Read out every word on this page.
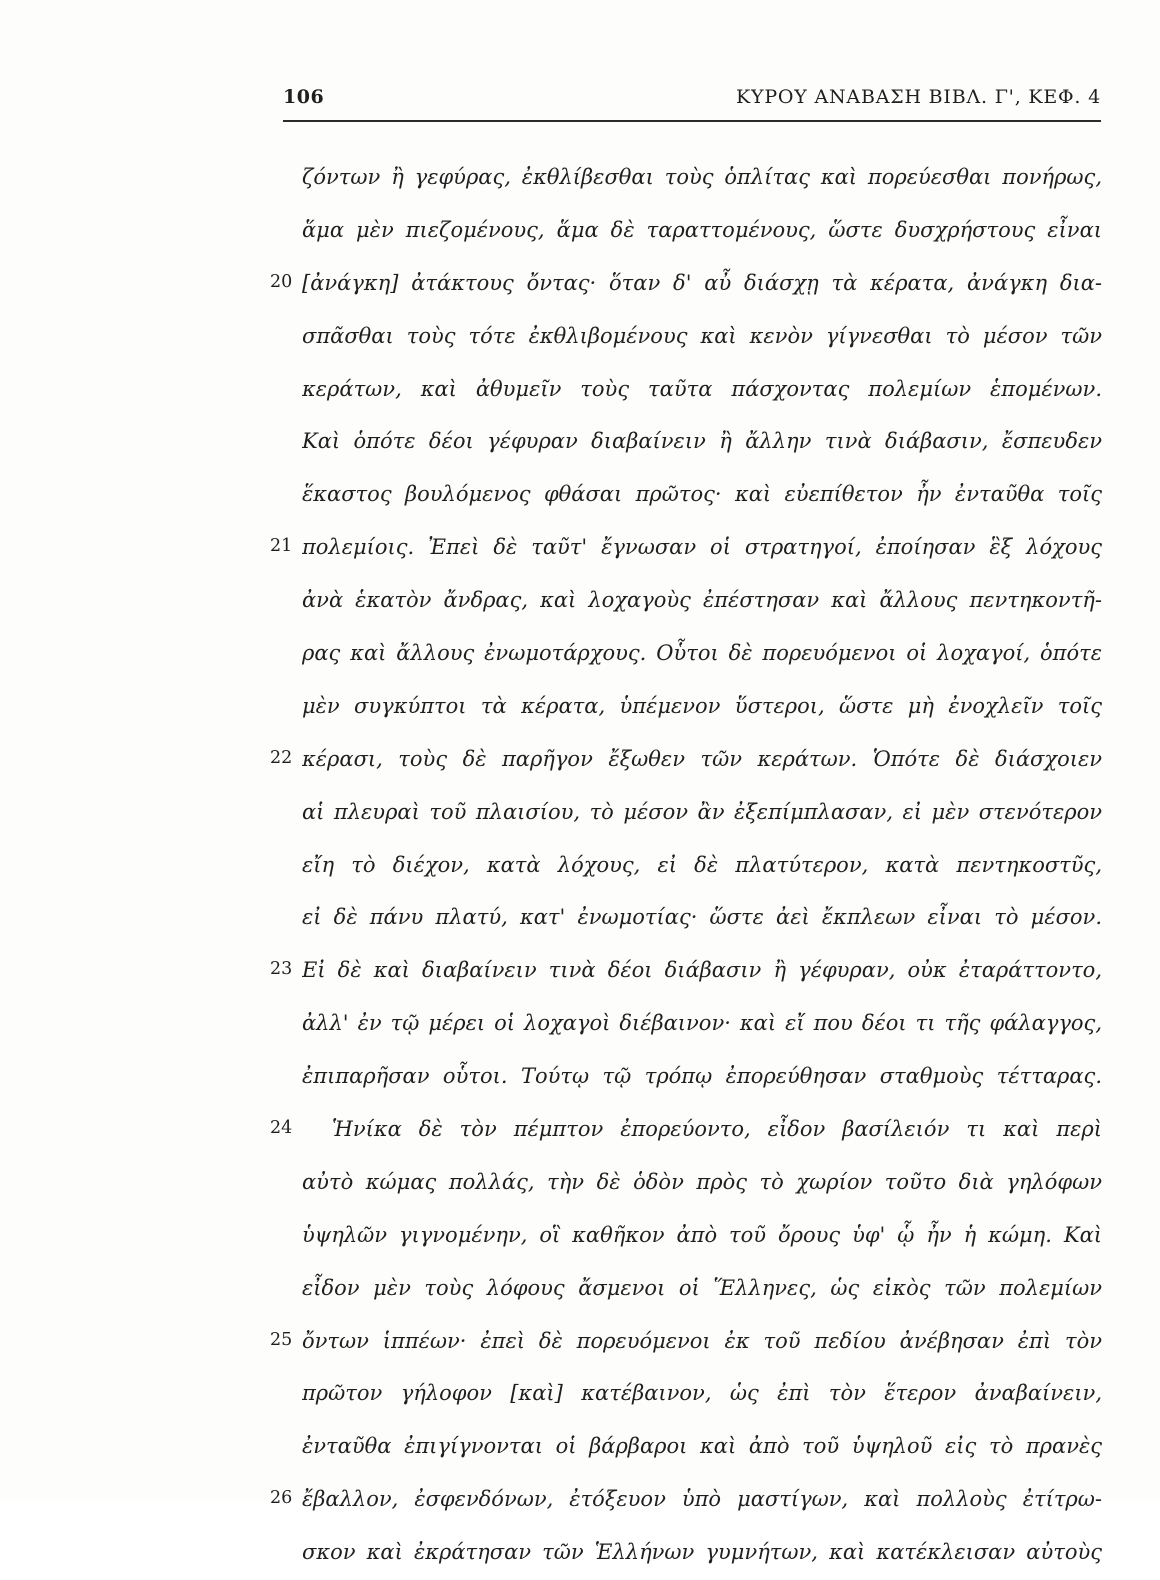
106	ΚΥΡΟΥ ΑΝΑΒΑΣΗ ΒΙΒΛ. Γ', ΚΕΦ. 4
ζόντων ἢ γεφύρας, ἐκθλίβεσθαι τοὺς ὁπλίτας καὶ πορεύεσθαι πονήρως,
ἅμα μὲν πιεζομένους, ἅμα δὲ ταραττομένους, ὥστε δυσχρήστους εἶναι
20 [ἀνάγκη] ἀτάκτους ὄντας· ὅταν δ' αὖ διάσχῃ τὰ κέρατα, ἀνάγκη δια-
σπᾶσθαι τοὺς τότε ἐκθλιβομένους καὶ κενὸν γίγνεσθαι τὸ μέσον τῶν
κεράτων, καὶ ἀθυμεῖν τοὺς ταῦτα πάσχοντας πολεμίων ἑπομένων.
Καὶ ὁπότε δέοι γέφυραν διαβαίνειν ἢ ἄλλην τινὰ διάβασιν, ἔσπευδεν
ἕκαστος βουλόμενος φθάσαι πρῶτος· καὶ εὐεπίθετον ἦν ἐνταῦθα τοῖς
21 πολεμίοις. Ἐπεὶ δὲ ταῦτ' ἔγνωσαν οἱ στρατηγοί, ἐποίησαν ἓξ λόχους
ἀνὰ ἑκατὸν ἄνδρας, καὶ λοχαγοὺς ἐπέστησαν καὶ ἄλλους πεντηκοντῆ-
ρας καὶ ἄλλους ἐνωμοτάρχους. Οὗτοι δὲ πορευόμενοι οἱ λοχαγοί, ὁπότε
μὲν συγκύπτοι τὰ κέρατα, ὑπέμενον ὕστεροι, ὥστε μὴ ἐνοχλεῖν τοῖς
22 κέρασι, τοὺς δὲ παρῆγον ἔξωθεν τῶν κεράτων. Ὁπότε δὲ διάσχοιεν
αἱ πλευραὶ τοῦ πλαισίου, τὸ μέσον ἂν ἐξεπίμπλασαν, εἰ μὲν στενότερον
εἴη τὸ διέχον, κατὰ λόχους, εἰ δὲ πλατύτερον, κατὰ πεντηκοστῦς,
εἰ δὲ πάνυ πλατύ, κατ' ἐνωμοτίας· ὥστε ἀεὶ ἔκπλεων εἶναι τὸ μέσον.
23 Εἰ δὲ καὶ διαβαίνειν τινὰ δέοι διάβασιν ἢ γέφυραν, οὐκ ἐταράττοντο,
ἀλλ' ἐν τῷ μέρει οἱ λοχαγοὶ διέβαινον· καὶ εἴ που δέοι τι τῆς φάλαγγος,
ἐπιπαρῆσαν οὗτοι. Τούτῳ τῷ τρόπῳ ἐπορεύθησαν σταθμοὺς τέτταρας.
24 Ἡνίκα δὲ τὸν πέμπτον ἐπορεύοντο, εἶδον βασίλειόν τι καὶ περὶ
αὐτὸ κώμας πολλάς, τὴν δὲ ὁδὸν πρὸς τὸ χωρίον τοῦτο διὰ γηλόφων
ὑψηλῶν γιγνομένην, οἳ καθῆκον ἀπὸ τοῦ ὄρους ὑφ' ᾧ ἦν ἡ κώμη. Καὶ
εἶδον μὲν τοὺς λόφους ἄσμενοι οἱ Ἕλληνες, ὡς εἰκὸς τῶν πολεμίων
25 ὄντων ἱππέων· ἐπεὶ δὲ πορευόμενοι ἐκ τοῦ πεδίου ἀνέβησαν ἐπὶ τὸν
πρῶτον γήλοφον [καὶ] κατέβαινον, ὡς ἐπὶ τὸν ἕτερον ἀναβαίνειν,
ἐνταῦθα ἐπιγίγνονται οἱ βάρβαροι καὶ ἀπὸ τοῦ ὑψηλοῦ εἰς τὸ πρανὲς
26 ἔβαλλον, ἐσφενδόνων, ἐτόξευον ὑπὸ μαστίγων, καὶ πολλοὺς ἐτίτρω-
σκον καὶ ἐκράτησαν τῶν Ἑλλήνων γυμνήτων, καὶ κατέκλεισαν αὐτοὺς
